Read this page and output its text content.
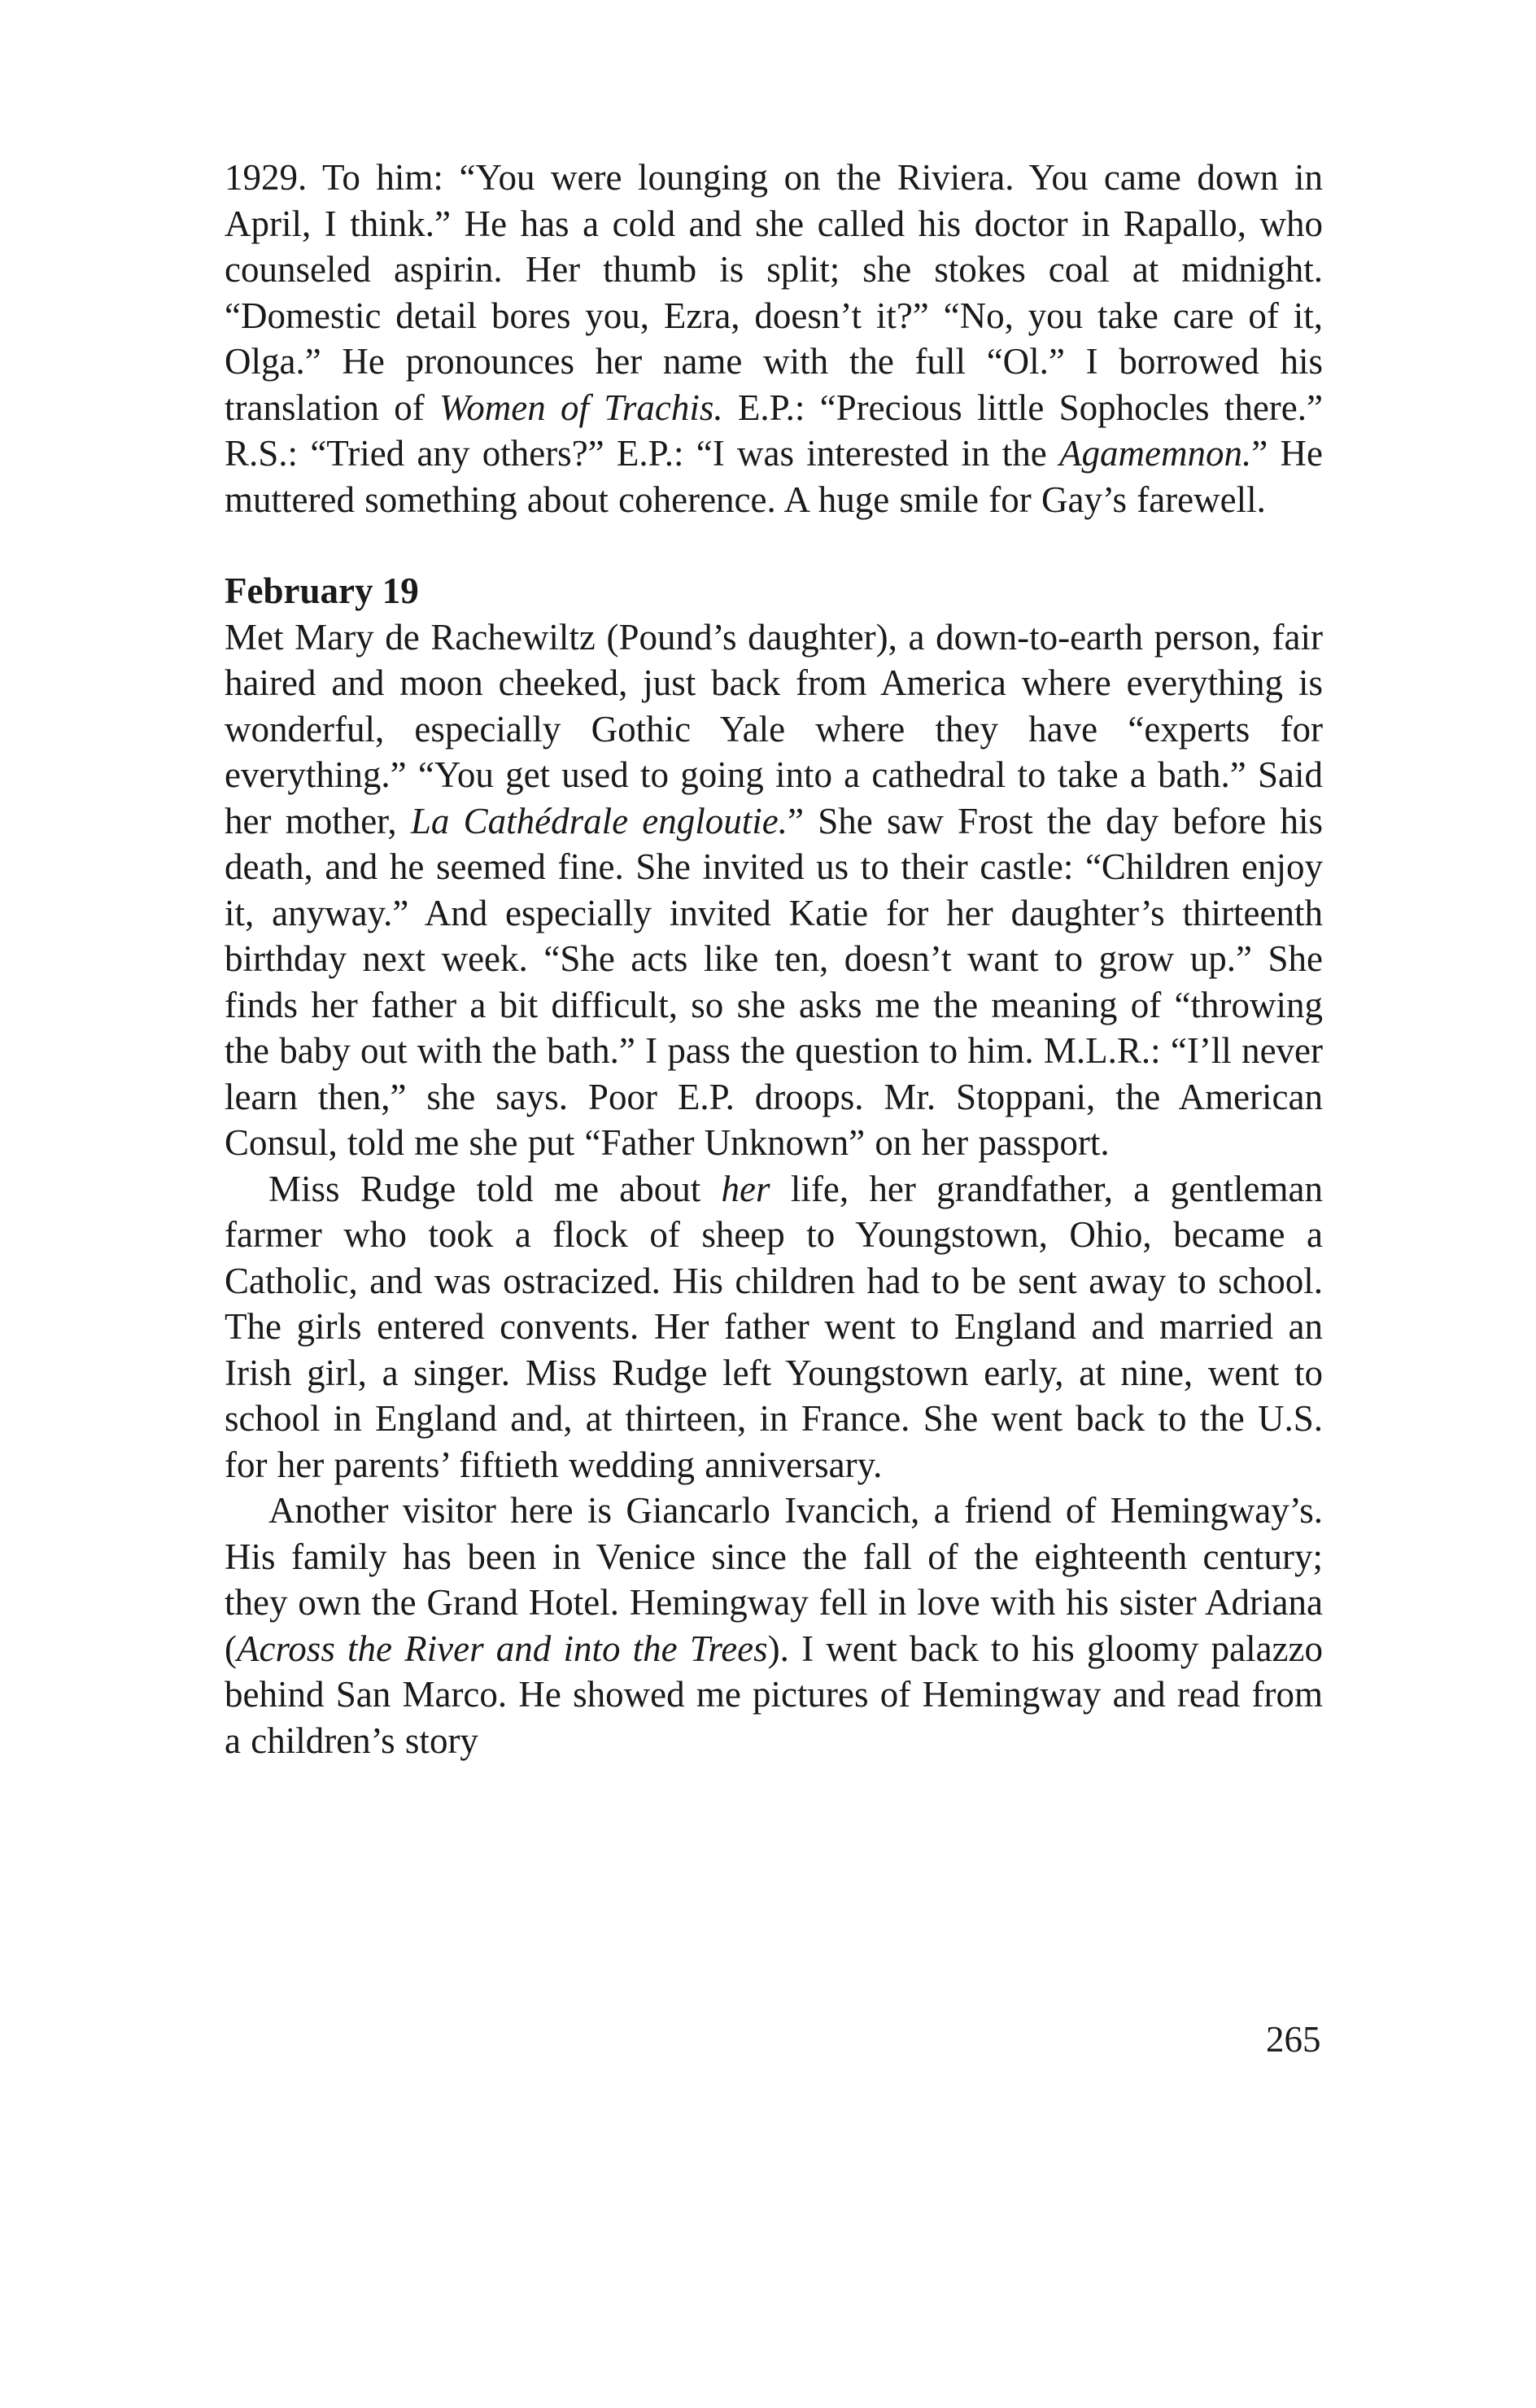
1929. To him: “You were lounging on the Riviera. You came down in April, I think.” He has a cold and she called his doctor in Rapallo, who counseled aspirin. Her thumb is split; she stokes coal at midnight. “Domestic detail bores you, Ezra, doesn’t it?” “No, you take care of it, Olga.” He pronounces her name with the full “Ol.” I borrowed his translation of Women of Trachis. E.P.: “Precious little Sophocles there.” R.S.: “Tried any others?” E.P.: “I was interested in the Agamemnon.” He muttered something about coherence. A huge smile for Gay’s farewell.

February 19

Met Mary de Rachewiltz (Pound’s daughter), a down-to-earth person, fair haired and moon cheeked, just back from America where everything is wonderful, especially Gothic Yale where they have “experts for everything.” “You get used to going into a cathedral to take a bath.” Said her mother, La Cathédrale engloutie.” She saw Frost the day before his death, and he seemed fine. She invited us to their castle: “Children enjoy it, anyway.” And especially invited Katie for her daughter’s thirteenth birthday next week. “She acts like ten, doesn’t want to grow up.” She finds her father a bit difficult, so she asks me the meaning of “throwing the baby out with the bath.” I pass the question to him. M.L.R.: “I’ll never learn then,” she says. Poor E.P. droops. Mr. Stoppani, the American Consul, told me she put “Father Unknown” on her passport.

Miss Rudge told me about her life, her grandfather, a gentleman farmer who took a flock of sheep to Youngstown, Ohio, became a Catholic, and was ostracized. His children had to be sent away to school. The girls entered convents. Her father went to England and married an Irish girl, a singer. Miss Rudge left Youngstown early, at nine, went to school in England and, at thirteen, in France. She went back to the U.S. for her parents’ fiftieth wedding anniversary.

Another visitor here is Giancarlo Ivancich, a friend of Hemingway’s. His family has been in Venice since the fall of the eighteenth century; they own the Grand Hotel. Hemingway fell in love with his sister Adriana (Across the River and into the Trees). I went back to his gloomy palazzo behind San Marco. He showed me pictures of Hemingway and read from a children’s story

265
